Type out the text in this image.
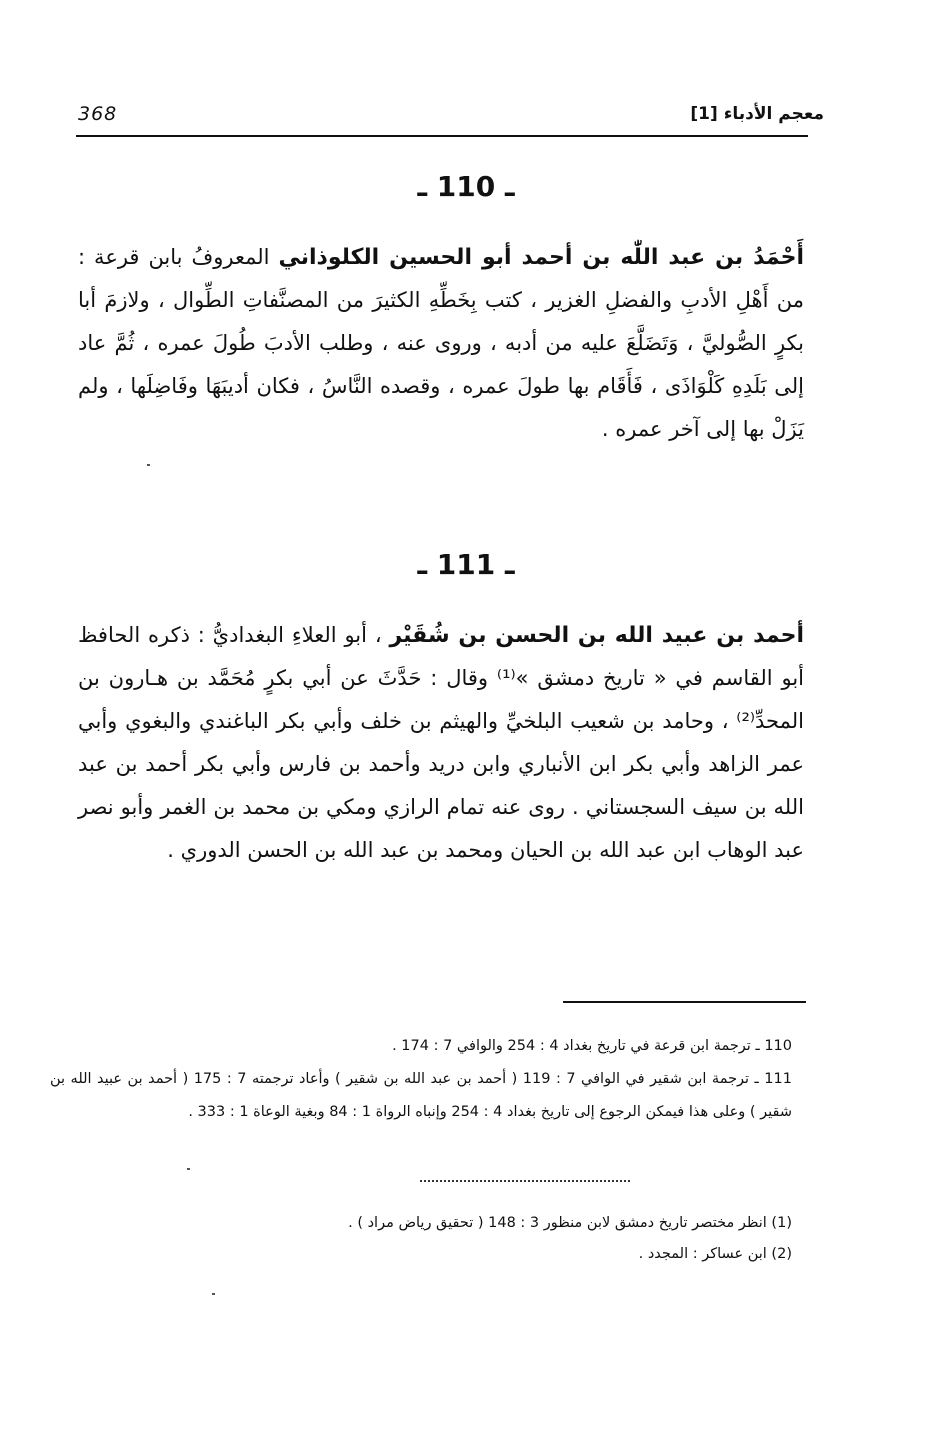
368	معجم الأدباء [1]
ـ 110 ـ
أَحْمَدُ بن عبد اللّٰه بن أحمد أبو الحسين الكلوذاني المعروفُ بابن قرعة : من أَهْلِ الأدبِ والفضلِ الغزير ، كتب بِخَطِّهِ الكثيرَ من المصنَّفاتِ الطِّوال ، ولازمَ أبا بكرٍ الصُّوليَّ ، وَتَضَلَّعَ عليه من أدبه ، وروى عنه ، وطلب الأدبَ طُولَ عمره ، ثُمَّ عاد إلى بَلَدِهِ كَلْوَاذَى ، فَأَقَام بها طولَ عمره ، وقصده النَّاسُ ، فكان أديبَهَا وفَاضِلَها ، ولم يَزَلْ بها إلى آخر عمره .
ـ 111 ـ
أحمد بن عبيد الله بن الحسن بن شُقَيْر ، أبو العلاءِ البغداديُّ : ذكره الحافظ أبو القاسم في « تاريخ دمشق »⁽¹⁾ وقال : حَدَّثَ عن أبي بكرٍ مُحَمَّد بن هـارون بن المحدِّ⁽²⁾ ، وحامد بن شعيب البلخيِّ والهيثم بن خلف وأبي بكر الباغندي والبغوي وأبي عمر الزاهد وأبي بكر ابن الأنباري وابن دريد وأحمد بن فارس وأبي بكر أحمد بن عبد الله بن سيف السجستاني . روى عنه تمام الرازي ومكي بن محمد بن الغمر وأبو نصر عبد الوهاب ابن عبد الله بن الحيان ومحمد بن عبد الله بن الحسن الدوري .

110 ـ ترجمة ابن قرعة في تاريخ بغداد 4 : 254 والوافي 7 : 174 .

111 ـ ترجمة ابن شقير في الوافي 7 : 119 ( أحمد بن عبد الله بن شقير ) وأعاد ترجمته 7 : 175 ( أحمد بن عبيد الله بن شقير ) وعلى هذا فيمكن الرجوع إلى تاريخ بغداد 4 : 254 وإنباه الرواة 1 : 84 وبغية الوعاة 1 : 333 .

(1) انظر مختصر تاريخ دمشق لابن منظور 3 : 148 ( تحقيق رياض مراد ) .

(2) ابن عساكر : المجدد .
